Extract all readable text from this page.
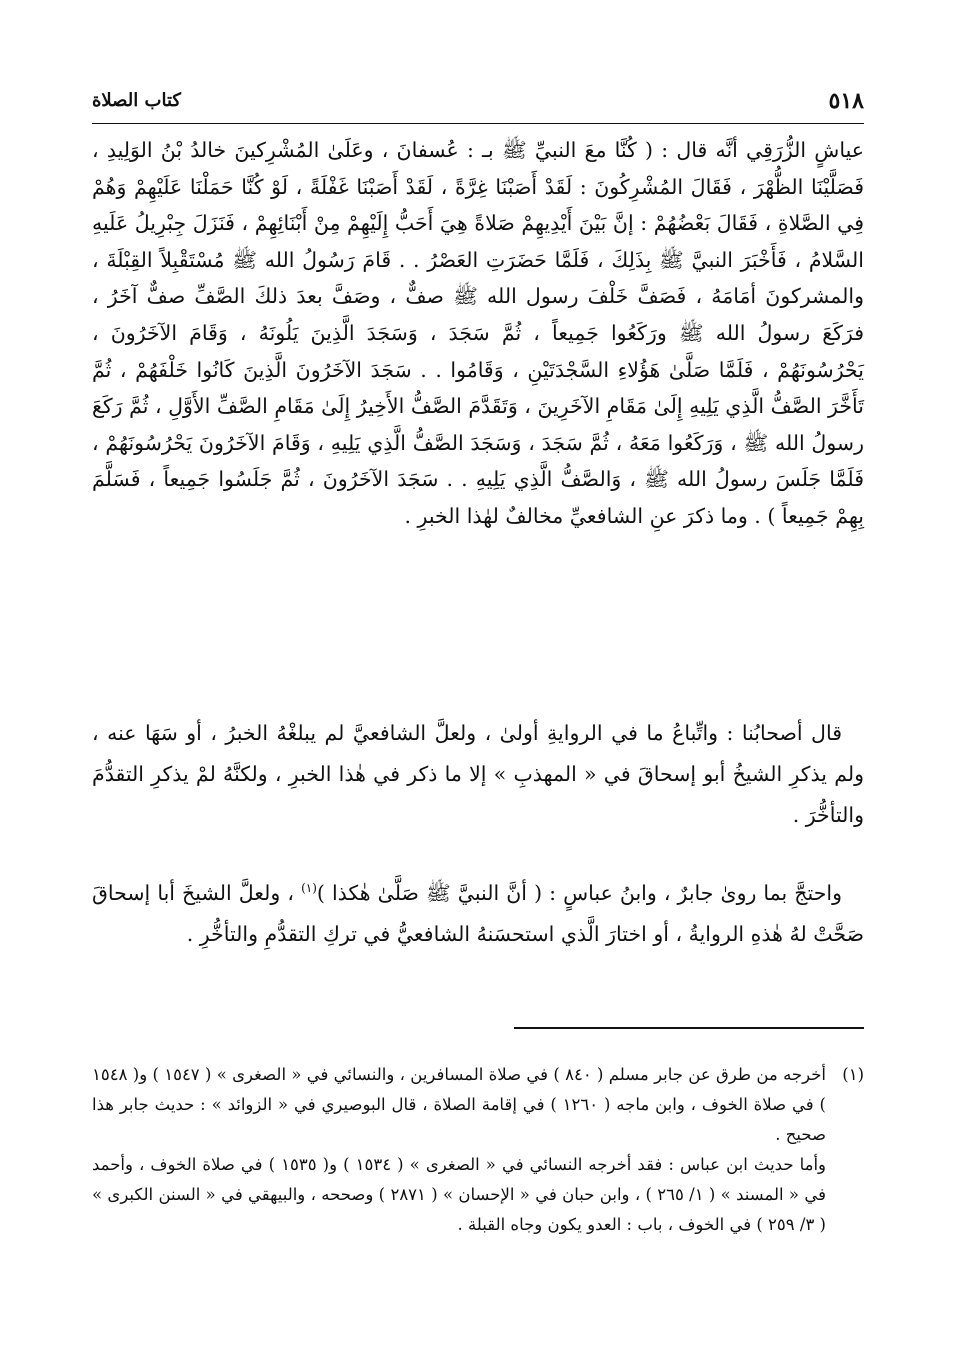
٥١٨
كتاب الصلاة

عياشٍ الزُّرَقِي أنَّه قال : ( كُنَّا معَ النبيِّ ﷺ بـ : عُسفانَ ، وعَلَىٰ المُشْرِكينَ خالدُ بْنُ الوَلِيدِ ، فَصَلَّيْنَا الظُّهْرَ ، فَقَالَ المُشْرِكُونَ : لَقَدْ أَصَبْنَا غِرَّةً ، لَقَدْ أَصَبْنَا غَفْلَةً ، لَوْ كُنَّا حَمَلْنَا عَلَيْهِمْ وَهُمْ فِي الصَّلاةِ ، فَقَالَ بَعْضُهُمْ : إنَّ بَيْنَ أَيْدِيهِمْ صَلاةً هِيَ أَحَبُّ إِلَيْهِمْ مِنْ أَبْنَائِهِمْ ، فَنَزَلَ جِبْرِيلُ عَلَيهِ السَّلامُ ، فَأَخْبَرَ النبيَّ ﷺ بِذَلِكَ ، فَلَمَّا حَضَرَتِ العَصْرُ . . قَامَ رَسُولُ الله ﷺ مُسْتَقْبِلاً القِبْلَةَ ، والمشركونَ أمَامَهُ ، فَصَفَّ خَلْفَ رسول الله ﷺ صفٌّ ، وصَفَّ بعدَ ذلكَ الصَّفِّ صفٌّ آخَرُ ، فرَكَعَ رسولُ الله ﷺ ورَكَعُوا جَمِيعاً ، ثُمَّ سَجَدَ ، وَسَجَدَ الَّذِينَ يَلُونَهُ ، وَقَامَ الآخَرُونَ ، يَحْرُسُونَهُمْ ، فَلَمَّا صَلَّىٰ هَؤُلاءِ السَّجْدَتَيْنِ ، وَقَامُوا . . سَجَدَ الآخَرُونَ الَّذِينَ كَانُوا خَلْفَهُمْ ، ثُمَّ تَأَخَّرَ الصَّفُّ الَّذِي يَلِيهِ إِلَىٰ مَقَامِ الآخَرِينَ ، وَتَقَدَّمَ الصَّفُّ الأَخِيرُ إِلَىٰ مَقَامِ الصَّفِّ الأَوَّلِ ، ثُمَّ رَكَعَ رسولُ الله ﷺ ، وَرَكَعُوا مَعَهُ ، ثُمَّ سَجَدَ ، وَسَجَدَ الصَّفُّ الَّذِي يَلِيهِ ، وَقَامَ الآخَرُونَ يَحْرُسُونَهُمْ ، فَلَمَّا جَلَسَ رسولُ الله ﷺ ، وَالصَّفُّ الَّذِي يَلِيهِ . . سَجَدَ الآخَرُونَ ، ثُمَّ جَلَسُوا جَمِيعاً ، فَسَلَّمَ بِهِمْ جَمِيعاً ) . وما ذكرَ عنِ الشافعيِّ مخالفٌ لهٰذا الخبرِ .

قال أصحابُنا : واتِّباعُ ما في الروايةِ أولىٰ ، ولعلَّ الشافعيَّ لم يبلغْهُ الخبرُ ، أو سَهَا عنه ، ولم يذكرِ الشيخُ أبو إسحاقَ في « المهذبِ » إلا ما ذكر في هٰذا الخبرِ ، ولكنَّهُ لمْ يذكرِ التقدُّمَ والتأخُّرَ .

واحتجَّ بما روىٰ جابرٌ ، وابنُ عباسٍ : ( أنَّ النبيَّ ﷺ صَلَّىٰ هٰكذا )$^{(١)}$ ، ولعلَّ الشيخَ أبا إسحاقَ صَحَّتْ لهُ هٰذهِ الروايةُ ، أو اختارَ الَّذي استحسَنهُ الشافعيُّ في تركِ التقدُّمِ والتأخُّرِ .

(١)

أخرجه من طرق عن جابر مسلم ( ٨٤٠ ) في صلاة المسافرين ، والنسائي في « الصغرى » ( ١٥٤٧ ) و( ١٥٤٨ ) في صلاة الخوف ، وابن ماجه ( ١٢٦٠ ) في إقامة الصلاة ، قال البوصيري في « الزوائد » : حديث جابر هذا صحيح .

وأما حديث ابن عباس : فقد أخرجه النسائي في « الصغرى » ( ١٥٣٤ ) و( ١٥٣٥ ) في صلاة الخوف ، وأحمد في « المسند » ( ١/ ٢٦٥ ) ، وابن حبان في « الإحسان » ( ٢٨٧١ ) وصححه ، والبيهقي في « السنن الكبرى » ( ٣/ ٢٥٩ ) في الخوف ، باب : العدو يكون وجاه القبلة .
